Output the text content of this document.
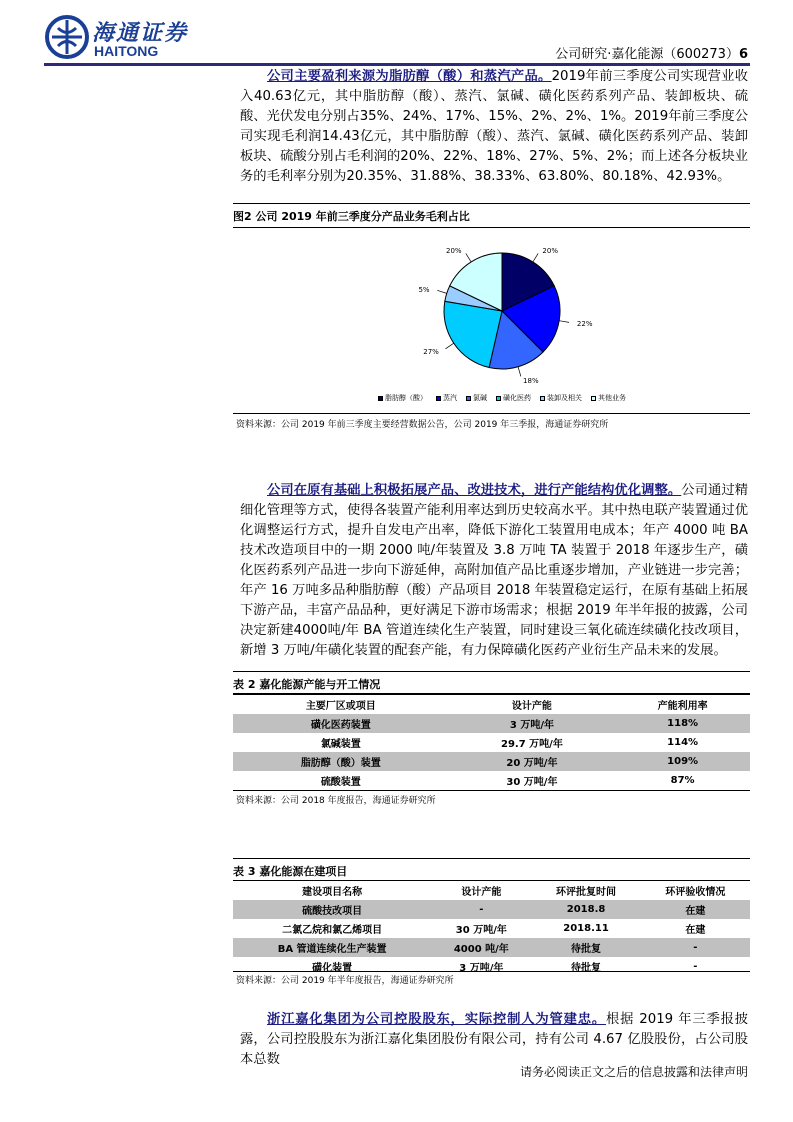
海通证券
HAITONG	公司研究·嘉化能源（600273）6

公司主要盈利来源为脂肪醇（酸）和蒸汽产品。2019年前三季度公司实现营业收入40.63亿元，其中脂肪醇（酸）、蒸汽、氯碱、磺化医药系列产品、装卸板块、硫酸、光伏发电分别占35%、24%、17%、15%、2%、2%、1%。2019年前三季度公司实现毛利润14.43亿元，其中脂肪醇（酸）、蒸汽、氯碱、磺化医药系列产品、装卸板块、硫酸分别占毛利润的20%、22%、18%、27%、5%、2%；而上述各分板块业务的毛利率分别为20.35%、31.88%、38.33%、63.80%、80.18%、42.93%。

图2 公司 2019 年前三季度分产品业务毛利占比
20%
22%
18%
27%
5%
20%
脂肪醇（酸）	蒸汽	氯碱	磺化医药	装卸及相关	其他业务
资料来源：公司 2019 年前三季度主要经营数据公告，公司 2019 年三季报，海通证券研究所

公司在原有基础上积极拓展产品、改进技术，进行产能结构优化调整。公司通过精细化管理等方式，使得各装置产能利用率达到历史较高水平。其中热电联产装置通过优化调整运行方式，提升自发电产出率，降低下游化工装置用电成本；年产 4000 吨 BA 技术改造项目中的一期 2000 吨/年装置及 3.8 万吨 TA 装置于 2018 年逐步生产，磺化医药系列产品进一步向下游延伸，高附加值产品比重逐步增加，产业链进一步完善；年产 16 万吨多品种脂肪醇（酸）产品项目 2018 年装置稳定运行，在原有基础上拓展下游产品，丰富产品品种，更好满足下游市场需求；根据 2019 年半年报的披露，公司决定新建4000吨/年 BA 管道连续化生产装置，同时建设三氧化硫连续磺化技改项目，新增 3 万吨/年磺化装置的配套产能，有力保障磺化医药产业衍生产品未来的发展。

表 2 嘉化能源产能与开工情况
主要厂区或项目	设计产能	产能利用率
磺化医药装置	3 万吨/年	118%
氯碱装置	29.7 万吨/年	114%
脂肪醇（酸）装置	20 万吨/年	109%
硫酸装置	30 万吨/年	87%
资料来源：公司 2018 年度报告，海通证券研究所
表 3 嘉化能源在建项目
建设项目名称	设计产能	环评批复时间	环评验收情况
硫酸技改项目	-	2018.8	在建
二氯乙烷和氯乙烯项目	30 万吨/年	2018.11	在建
BA 管道连续化生产装置	4000 吨/年	待批复	-
磺化装置	3 万吨/年	待批复	-
资料来源：公司 2019 年半年度报告，海通证券研究所

浙江嘉化集团为公司控股股东，实际控制人为管建忠。根据 2019 年三季报披露，公司控股股东为浙江嘉化集团股份有限公司，持有公司 4.67 亿股股份，占公司股本总数

请务必阅读正文之后的信息披露和法律声明
